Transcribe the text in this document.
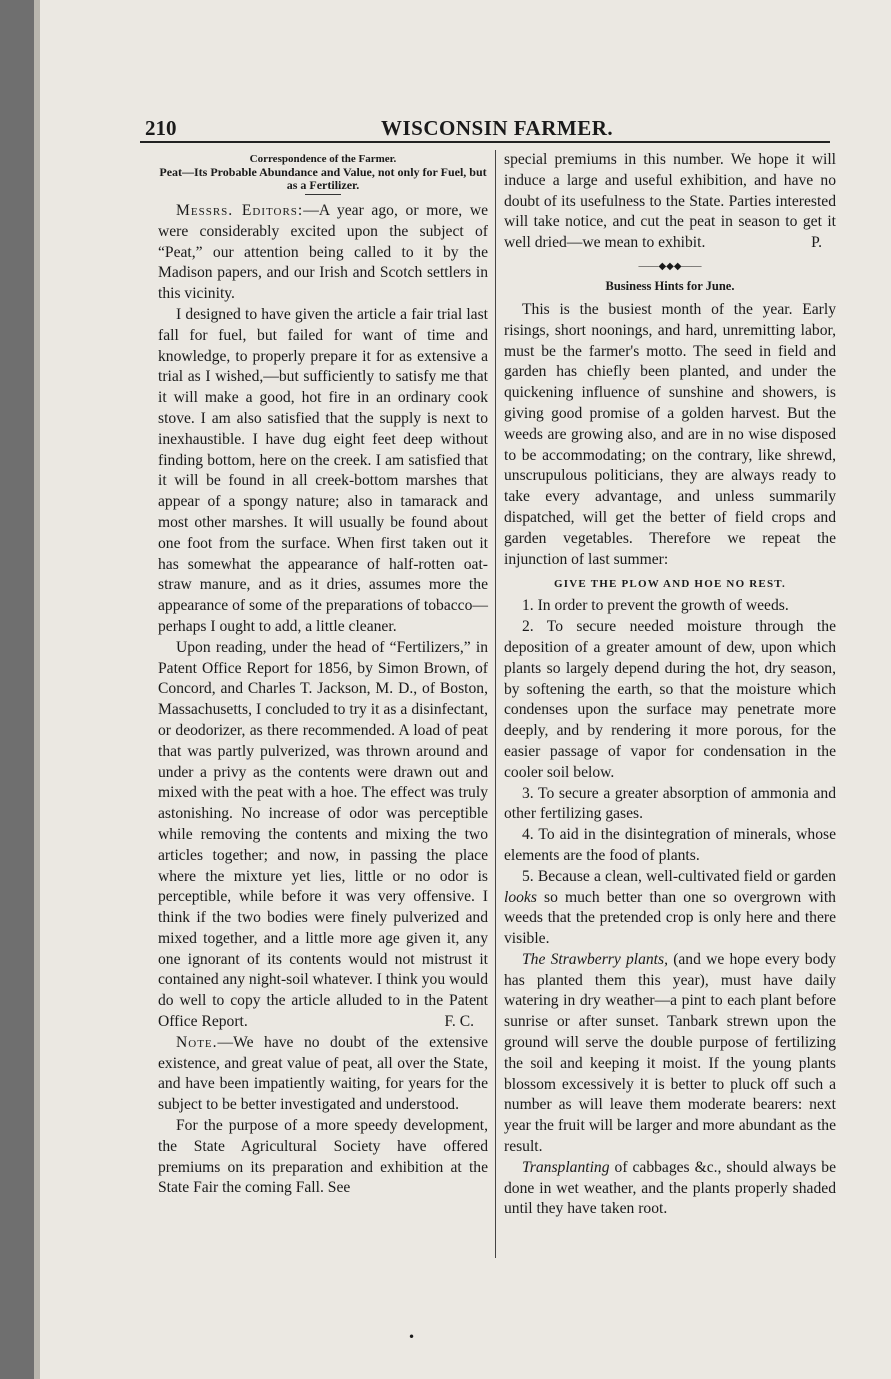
210	WISCONSIN FARMER.
Correspondence of the Farmer.
Peat—Its Probable Abundance and Value, not only for Fuel, but as a Fertilizer.

Messrs. Editors:—A year ago, or more, we were considerably excited upon the subject of “Peat,” our attention being called to it by the Madison papers, and our Irish and Scotch settlers in this vicinity.

I designed to have given the article a fair trial last fall for fuel, but failed for want of time and knowledge, to properly prepare it for as extensive a trial as I wished,—but sufficiently to satisfy me that it will make a good, hot fire in an ordinary cook stove. I am also satisfied that the supply is next to inexhaustible. I have dug eight feet deep without finding bottom, here on the creek. I am satisfied that it will be found in all creek-bottom marshes that appear of a spongy nature; also in tamarack and most other marshes. It will usually be found about one foot from the surface. When first taken out it has somewhat the appearance of half-rotten oat-straw manure, and as it dries, assumes more the appearance of some of the preparations of tobacco—perhaps I ought to add, a little cleaner.

Upon reading, under the head of “Fertilizers,” in Patent Office Report for 1856, by Simon Brown, of Concord, and Charles T. Jackson, M. D., of Boston, Massachusetts, I concluded to try it as a disinfectant, or deodorizer, as there recommended. A load of peat that was partly pulverized, was thrown around and under a privy as the contents were drawn out and mixed with the peat with a hoe. The effect was truly astonishing. No increase of odor was perceptible while removing the contents and mixing the two articles together; and now, in passing the place where the mixture yet lies, little or no odor is perceptible, while before it was very offensive. I think if the two bodies were finely pulverized and mixed together, and a little more age given it, any one ignorant of its contents would not mistrust it contained any night-soil whatever. I think you would do well to copy the article alluded to in the Patent Office Report.	F. C.

Note.—We have no doubt of the extensive existence, and great value of peat, all over the State, and have been impatiently waiting, for years for the subject to be better investigated and understood.

For the purpose of a more speedy development, the State Agricultural Society have offered premiums on its preparation and exhibition at the State Fair the coming Fall. See

special premiums in this number. We hope it will induce a large and useful exhibition, and have no doubt of its usefulness to the State. Parties interested will take notice, and cut the peat in season to get it well dried—we mean to exhibit.	P.

——◆◆◆——
Business Hints for June.

This is the busiest month of the year. Early risings, short noonings, and hard, unremitting labor, must be the farmer's motto. The seed in field and garden has chiefly been planted, and under the quickening influence of sunshine and showers, is giving good promise of a golden harvest. But the weeds are growing also, and are in no wise disposed to be accommodating; on the contrary, like shrewd, unscrupulous politicians, they are always ready to take every advantage, and unless summarily dispatched, will get the better of field crops and garden vegetables. Therefore we repeat the injunction of last summer:

GIVE THE PLOW AND HOE NO REST.

1. In order to prevent the growth of weeds.

2. To secure needed moisture through the deposition of a greater amount of dew, upon which plants so largely depend during the hot, dry season, by softening the earth, so that the moisture which condenses upon the surface may penetrate more deeply, and by rendering it more porous, for the easier passage of vapor for condensation in the cooler soil below.

3. To secure a greater absorption of ammonia and other fertilizing gases.

4. To aid in the disintegration of minerals, whose elements are the food of plants.

5. Because a clean, well-cultivated field or garden looks so much better than one so overgrown with weeds that the pretended crop is only here and there visible.

The Strawberry plants, (and we hope every body has planted them this year), must have daily watering in dry weather—a pint to each plant before sunrise or after sunset. Tanbark strewn upon the ground will serve the double purpose of fertilizing the soil and keeping it moist. If the young plants blossom excessively it is better to pluck off such a number as will leave them moderate bearers: next year the fruit will be larger and more abundant as the result.

Transplanting of cabbages &c., should always be done in wet weather, and the plants properly shaded until they have taken root.

•
